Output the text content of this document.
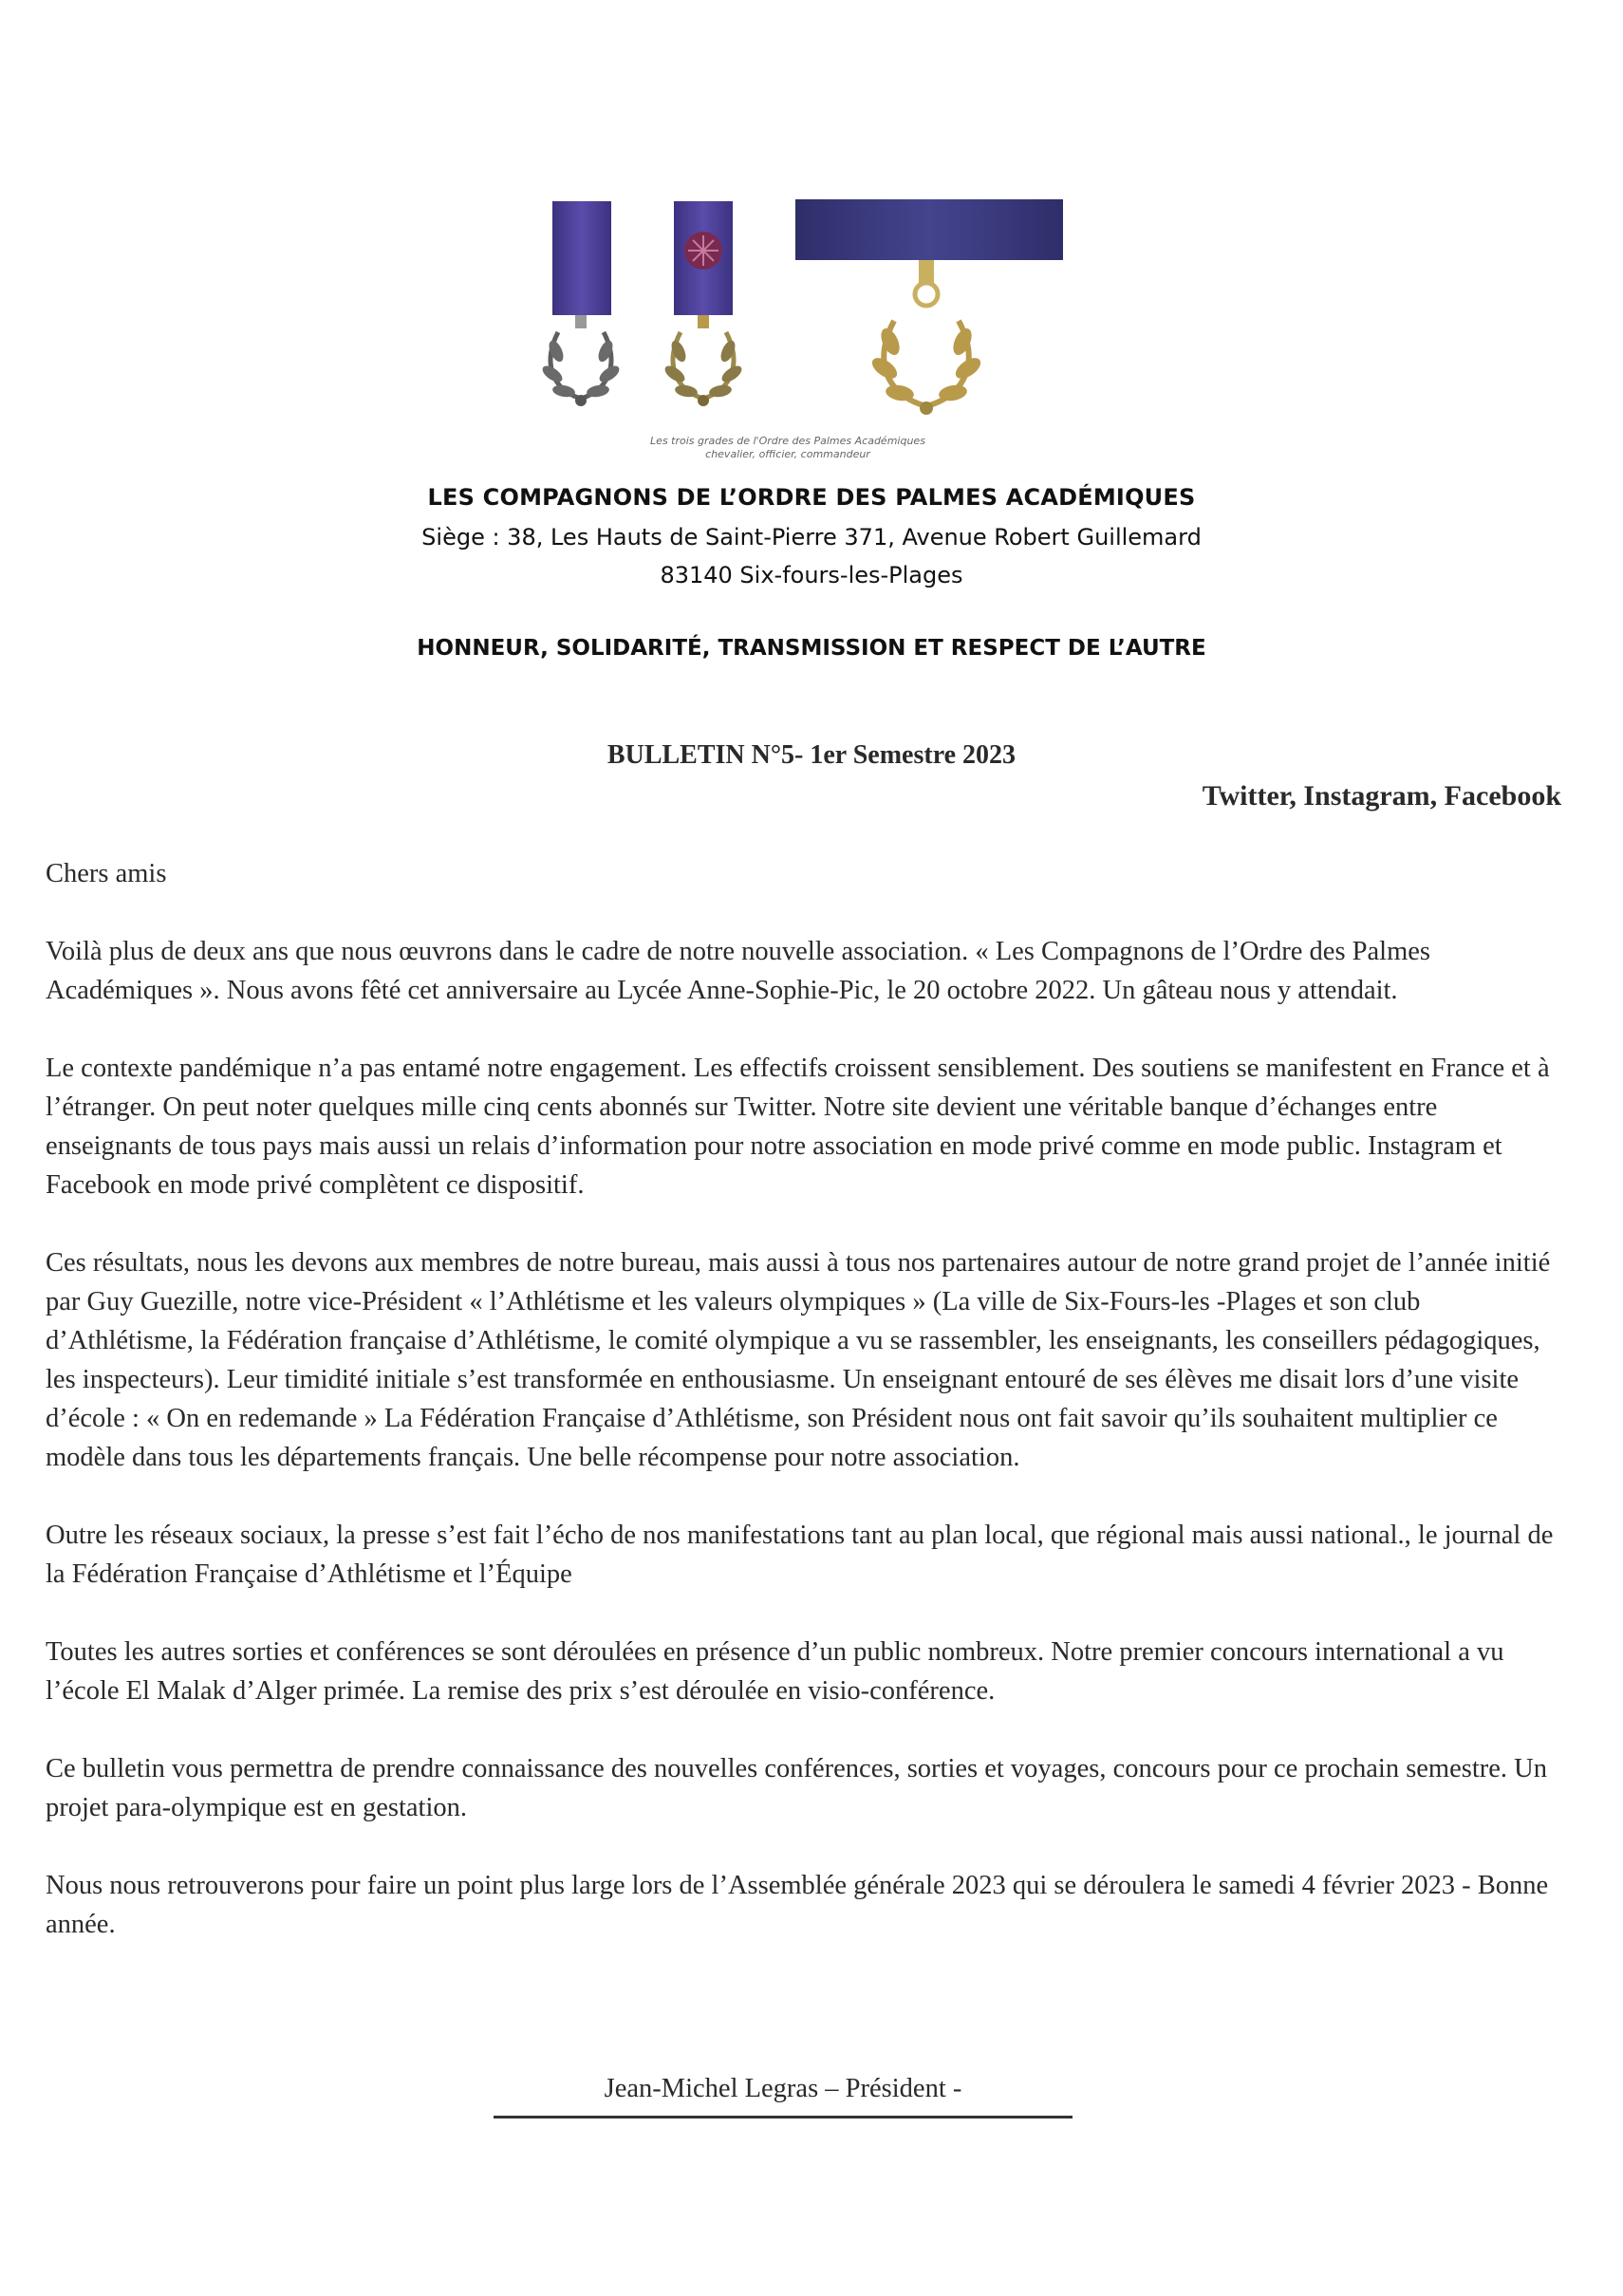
Les trois grades de l'Ordre des Palmes Académiques
chevalier, officier, commandeur
LES COMPAGNONS DE L’ORDRE DES PALMES ACADÉMIQUES
Siège : 38, Les Hauts de Saint-Pierre 371, Avenue Robert Guillemard
83140 Six-fours-les-Plages
HONNEUR, SOLIDARITÉ, TRANSMISSION ET RESPECT DE L’AUTRE
BULLETIN N°5- 1er Semestre 2023
Twitter, Instagram, Facebook

Chers amis

Voilà plus de deux ans que nous œuvrons dans le cadre de notre nouvelle association. « Les Compagnons de l’Ordre des Palmes Académiques ». Nous avons fêté cet anniversaire au Lycée Anne-Sophie-Pic, le 20 octobre 2022. Un gâteau nous y attendait.

Le contexte pandémique n’a pas entamé notre engagement. Les effectifs croissent sensiblement. Des soutiens se manifestent en France et à l’étranger. On peut noter quelques mille cinq cents abonnés sur Twitter. Notre site devient une véritable banque d’échanges entre enseignants de tous pays mais aussi un relais d’information pour notre association en mode privé comme en mode public. Instagram et Facebook en mode privé complètent ce dispositif.

Ces résultats, nous les devons aux membres de notre bureau, mais aussi à tous nos partenaires autour de notre grand projet de l’année initié par Guy Guezille, notre vice-Président « l’Athlétisme et les valeurs olympiques » (La ville de Six-Fours-les -Plages et son club d’Athlétisme, la Fédération française d’Athlétisme, le comité olympique a vu se rassembler, les enseignants, les conseillers pédagogiques, les inspecteurs). Leur timidité initiale s’est transformée en enthousiasme. Un enseignant entouré de ses élèves me disait lors d’une visite d’école : « On en redemande » La Fédération Française d’Athlétisme, son Président nous ont fait savoir qu’ils souhaitent multiplier ce modèle dans tous les départements français. Une belle récompense pour notre association.

Outre les réseaux sociaux, la presse s’est fait l’écho de nos manifestations tant au plan local, que régional mais aussi national., le journal de la Fédération Française d’Athlétisme et l’Équipe

Toutes les autres sorties et conférences se sont déroulées en présence d’un public nombreux. Notre premier concours international a vu l’école El Malak d’Alger primée. La remise des prix s’est déroulée en visio-conférence.

Ce bulletin vous permettra de prendre connaissance des nouvelles conférences, sorties et voyages, concours pour ce prochain semestre. Un projet para-olympique est en gestation.

Nous nous retrouverons pour faire un point plus large lors de l’Assemblée générale 2023 qui se déroulera le samedi 4 février 2023 - Bonne année.

Jean-Michel Legras – Président -
